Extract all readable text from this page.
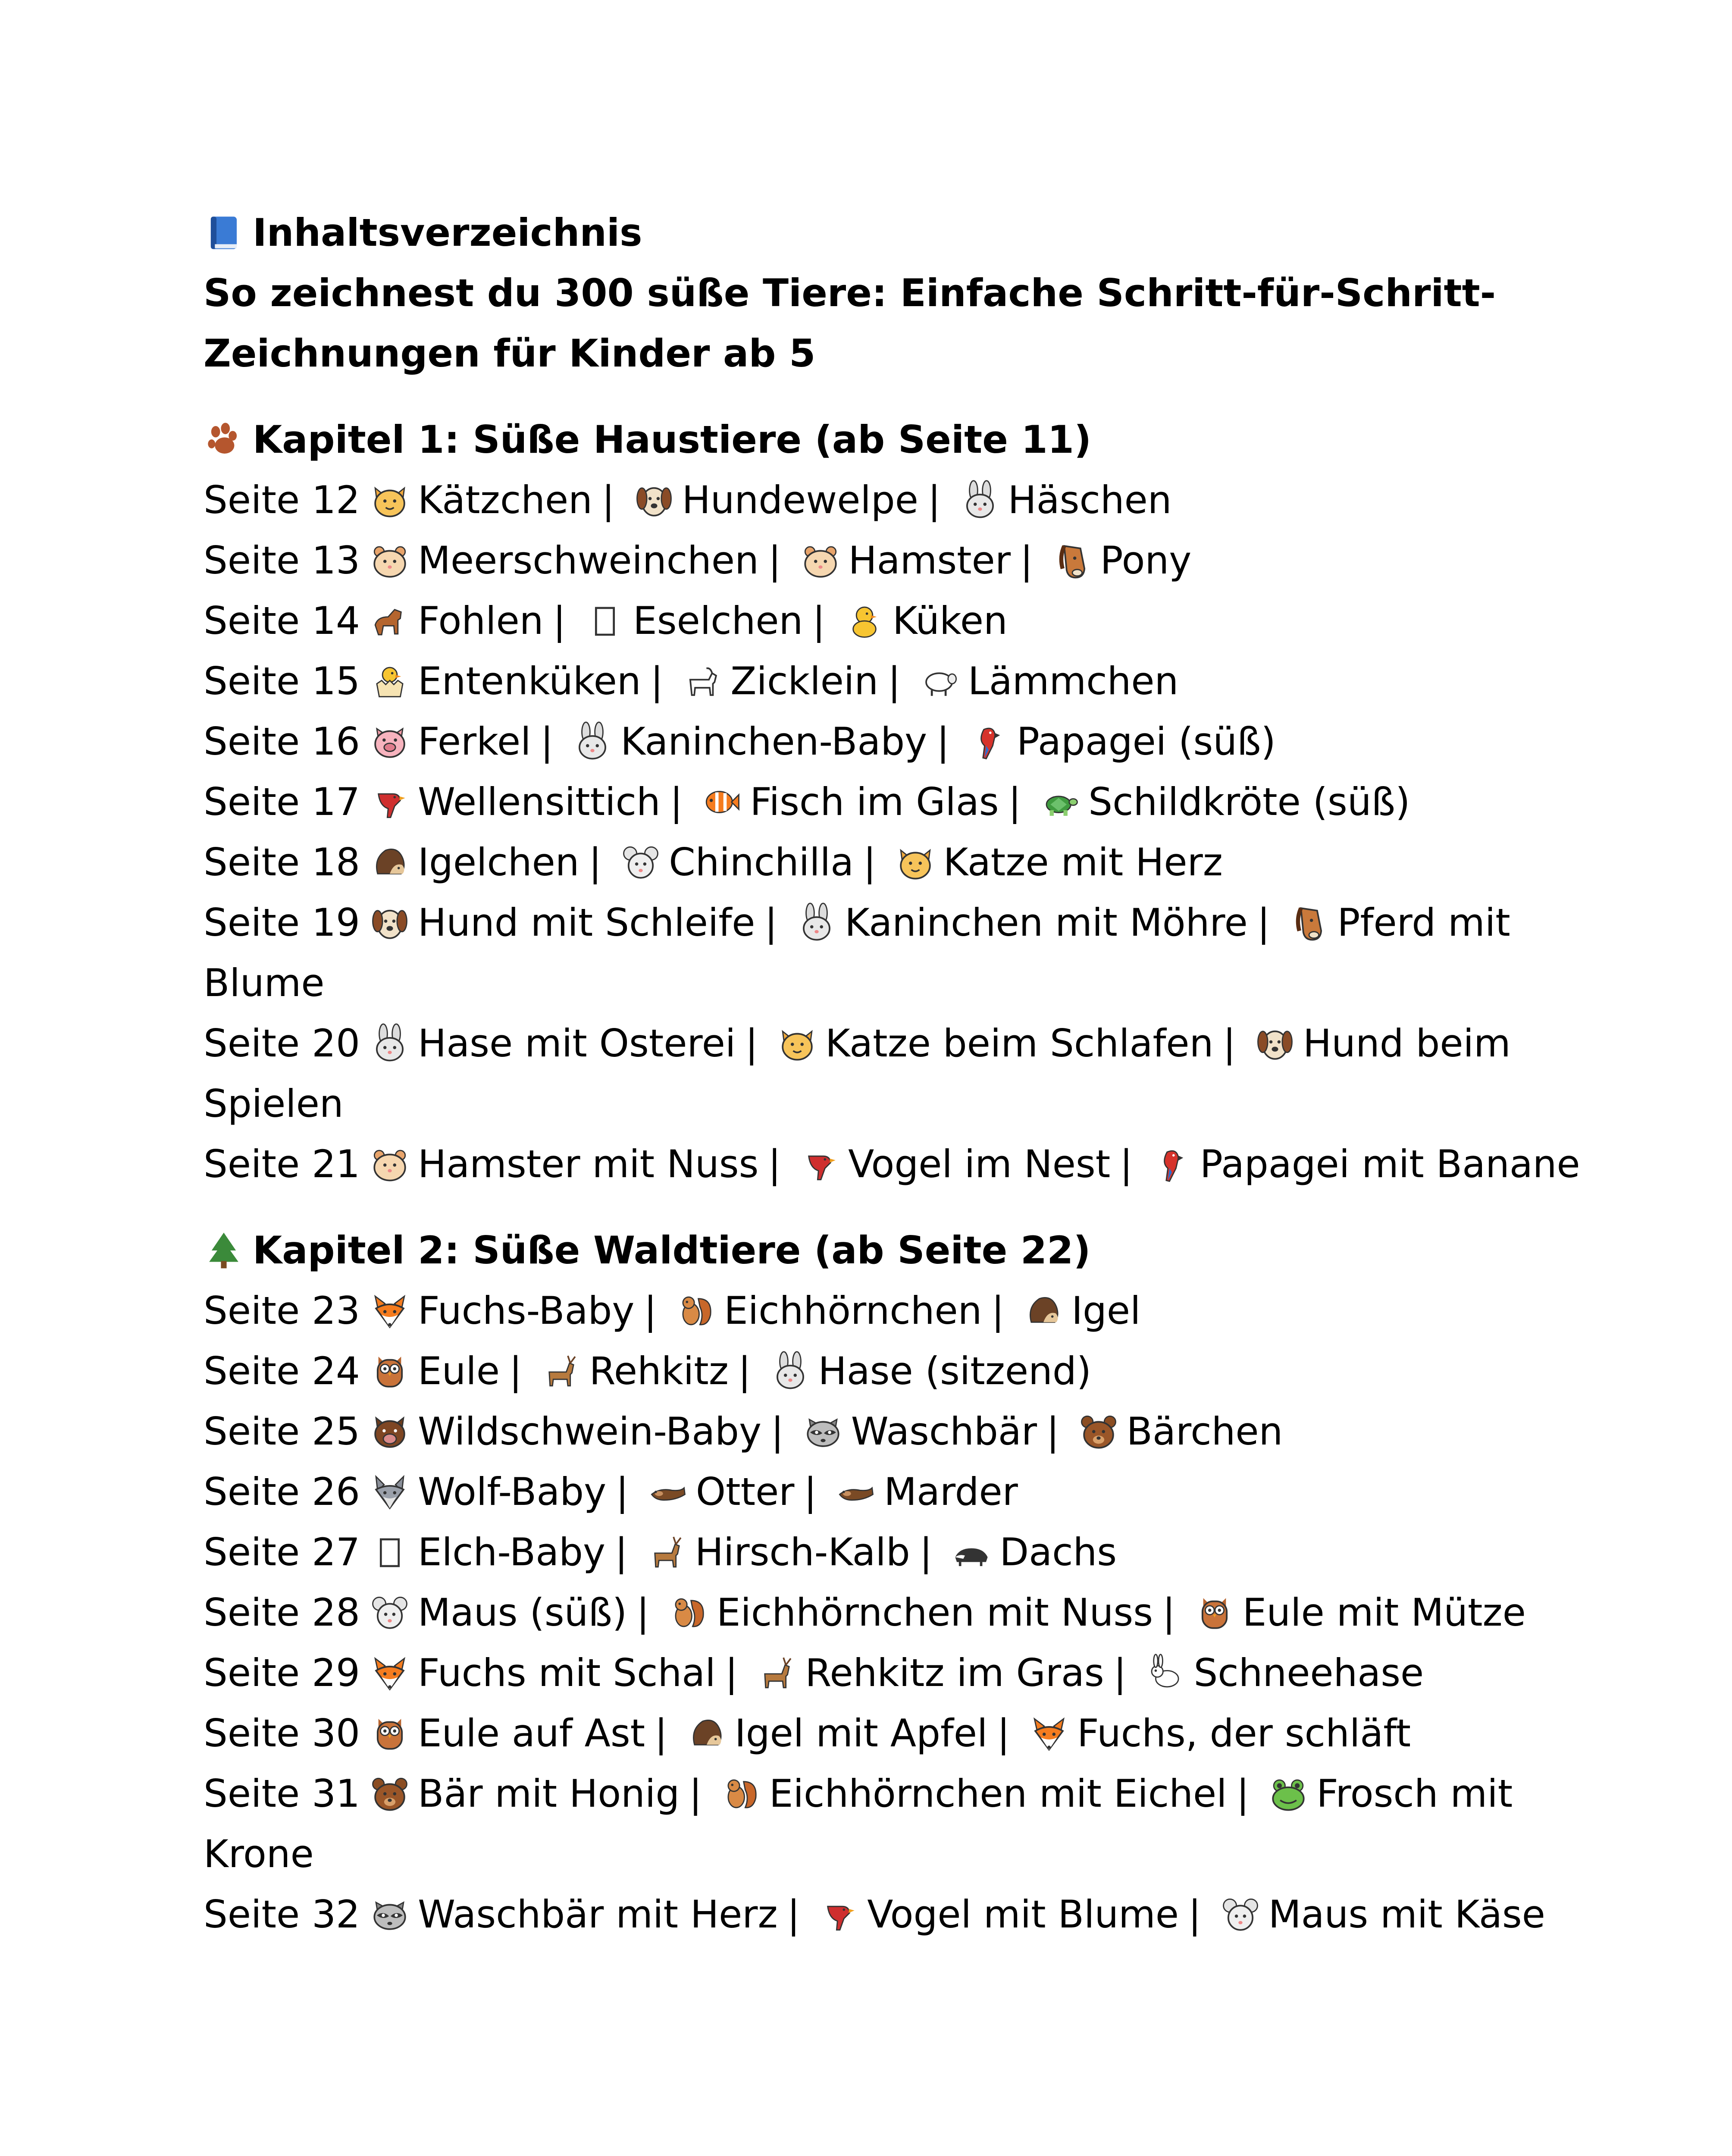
Inhaltsverzeichnis
So zeichnest du 300 süße Tiere: Einfache Schritt-für-Schritt-
Zeichnungen für Kinder ab 5
Kapitel 1: Süße Haustiere (ab Seite 11)
Seite 12 Kätzchen | Hundewelpe | Häschen
Seite 13 Meerschweinchen | Hamster | Pony
Seite 14 Fohlen | Eselchen | Küken
Seite 15 Entenküken | Zicklein | Lämmchen
Seite 16 Ferkel | Kaninchen-Baby | Papagei (süß)
Seite 17 Wellensittich | Fisch im Glas | Schildkröte (süß)
Seite 18 Igelchen | Chinchilla | Katze mit Herz
Seite 19 Hund mit Schleife | Kaninchen mit Möhre | Pferd mit
Blume
Seite 20 Hase mit Osterei | Katze beim Schlafen | Hund beim
Spielen
Seite 21 Hamster mit Nuss | Vogel im Nest | Papagei mit Banane
Kapitel 2: Süße Waldtiere (ab Seite 22)
Seite 23 Fuchs-Baby | Eichhörnchen | Igel
Seite 24 Eule | Rehkitz | Hase (sitzend)
Seite 25 Wildschwein-Baby | Waschbär | Bärchen
Seite 26 Wolf-Baby | Otter | Marder
Seite 27 Elch-Baby | Hirsch-Kalb | Dachs
Seite 28 Maus (süß) | Eichhörnchen mit Nuss | Eule mit Mütze
Seite 29 Fuchs mit Schal | Rehkitz im Gras | Schneehase
Seite 30 Eule auf Ast | Igel mit Apfel | Fuchs, der schläft
Seite 31 Bär mit Honig | Eichhörnchen mit Eichel | Frosch mit
Krone
Seite 32 Waschbär mit Herz | Vogel mit Blume | Maus mit Käse
